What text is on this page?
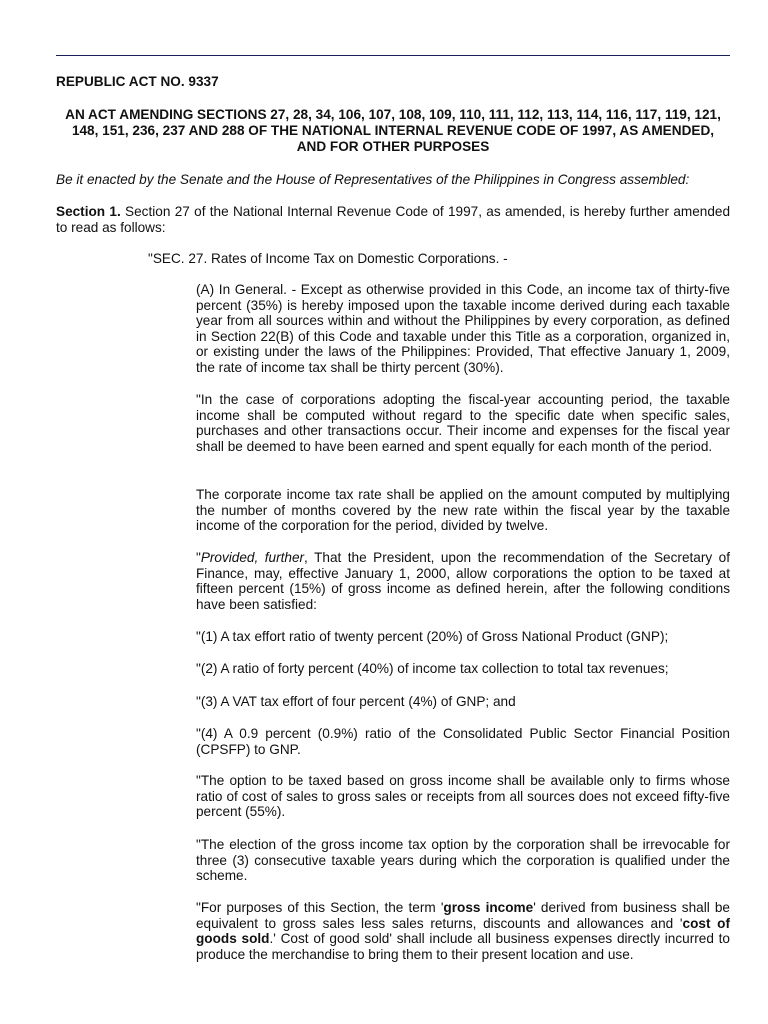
REPUBLIC ACT NO. 9337

AN ACT AMENDING SECTIONS 27, 28, 34, 106, 107, 108, 109, 110, 111, 112, 113, 114, 116, 117, 119, 121, 148, 151, 236, 237 AND 288 OF THE NATIONAL INTERNAL REVENUE CODE OF 1997, AS AMENDED, AND FOR OTHER PURPOSES

Be it enacted by the Senate and the House of Representatives of the Philippines in Congress assembled:

Section 1. Section 27 of the National Internal Revenue Code of 1997, as amended, is hereby further amended to read as follows:

"SEC. 27. Rates of Income Tax on Domestic Corporations. -

(A) In General. - Except as otherwise provided in this Code, an income tax of thirty-five percent (35%) is hereby imposed upon the taxable income derived during each taxable year from all sources within and without the Philippines by every corporation, as defined in Section 22(B) of this Code and taxable under this Title as a corporation, organized in, or existing under the laws of the Philippines: Provided, That effective January 1, 2009, the rate of income tax shall be thirty percent (30%).

"In the case of corporations adopting the fiscal-year accounting period, the taxable income shall be computed without regard to the specific date when specific sales, purchases and other transactions occur. Their income and expenses for the fiscal year shall be deemed to have been earned and spent equally for each month of the period.

The corporate income tax rate shall be applied on the amount computed by multiplying the number of months covered by the new rate within the fiscal year by the taxable income of the corporation for the period, divided by twelve.

"Provided, further, That the President, upon the recommendation of the Secretary of Finance, may, effective January 1, 2000, allow corporations the option to be taxed at fifteen percent (15%) of gross income as defined herein, after the following conditions have been satisfied:

"(1) A tax effort ratio of twenty percent (20%) of Gross National Product (GNP);

"(2) A ratio of forty percent (40%) of income tax collection to total tax revenues;

"(3) A VAT tax effort of four percent (4%) of GNP; and

"(4) A 0.9 percent (0.9%) ratio of the Consolidated Public Sector Financial Position (CPSFP) to GNP.

"The option to be taxed based on gross income shall be available only to firms whose ratio of cost of sales to gross sales or receipts from all sources does not exceed fifty-five percent (55%).

"The election of the gross income tax option by the corporation shall be irrevocable for three (3) consecutive taxable years during which the corporation is qualified under the scheme.

"For purposes of this Section, the term 'gross income' derived from business shall be equivalent to gross sales less sales returns, discounts and allowances and 'cost of goods sold.' Cost of good sold' shall include all business expenses directly incurred to produce the merchandise to bring them to their present location and use.
